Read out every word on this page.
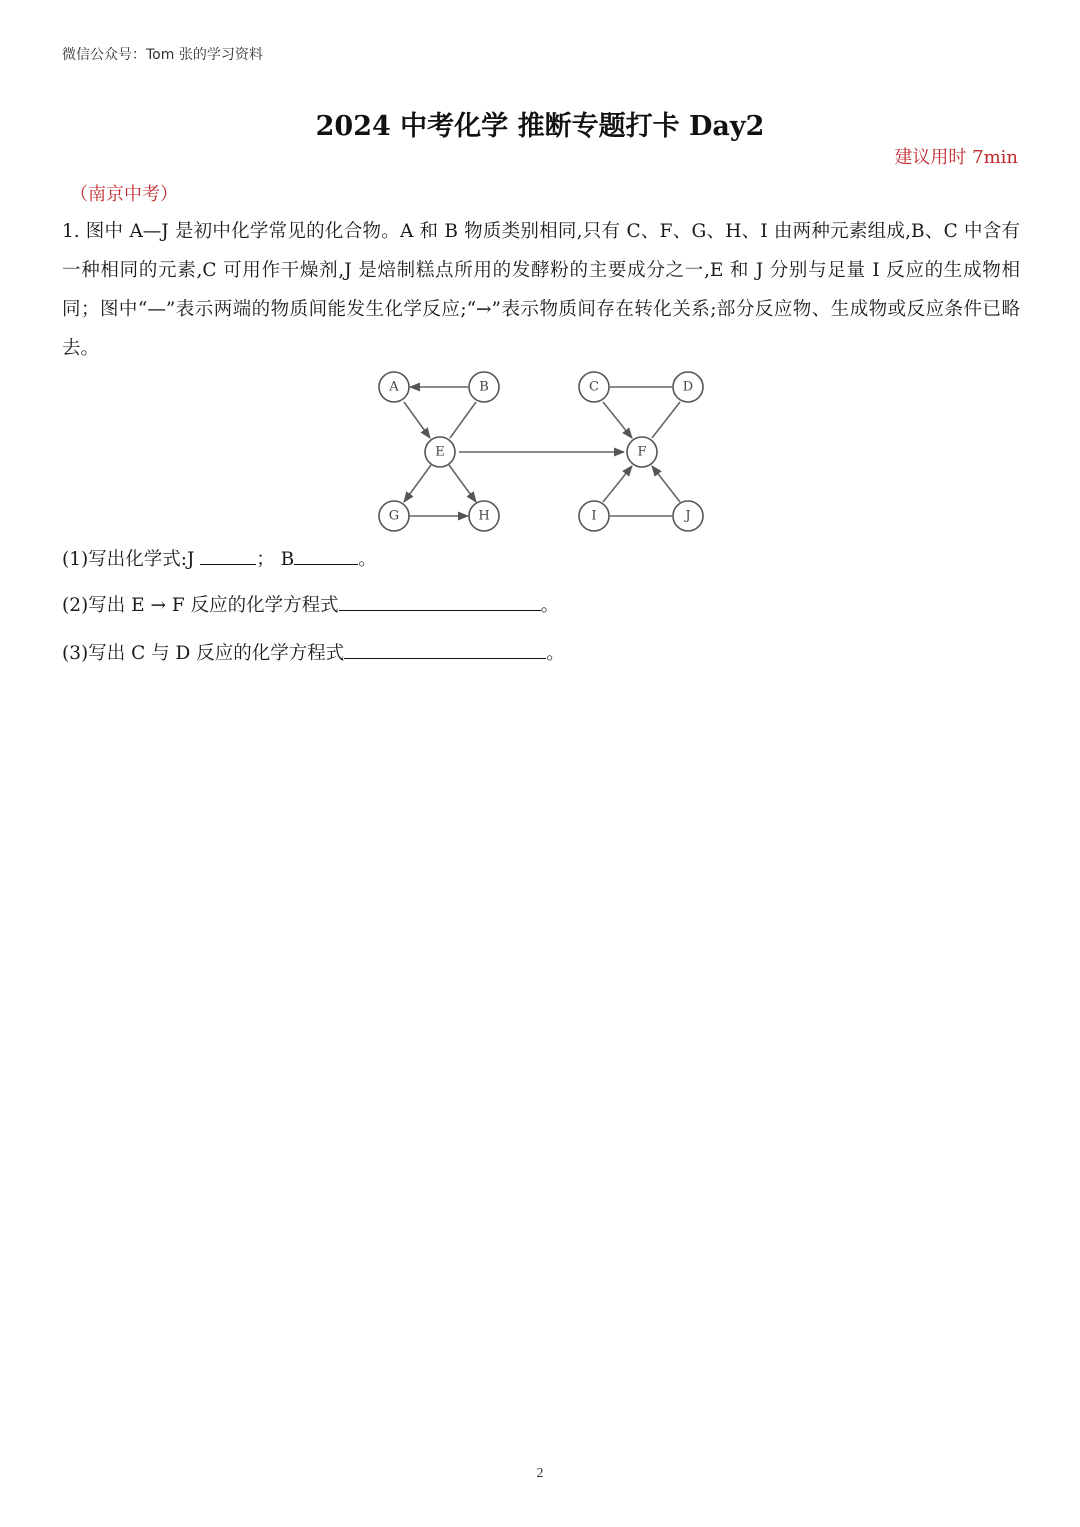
微信公众号：Tom 张的学习资料
2024 中考化学 推断专题打卡 Day2
建议用时 7min
（南京中考）
1. 图中 A—J 是初中化学常见的化合物。A 和 B 物质类别相同,只有 C、F、G、H、I 由两种元素组成,B、C 中含有一种相同的元素,C 可用作干燥剂,J 是焙制糕点所用的发酵粉的主要成分之一,E 和 J 分别与足量 I 反应的生成物相同；图中“—”表示两端的物质间能发生化学反应;“→”表示物质间存在转化关系;部分反应物、生成物或反应条件已略去。
A	B
E
G	H
C	D
F
I	J
(1)写出化学式:J	； B	。
(2)写出 E → F 反应的化学方程式	。
(3)写出 C 与 D 反应的化学方程式	。
2
